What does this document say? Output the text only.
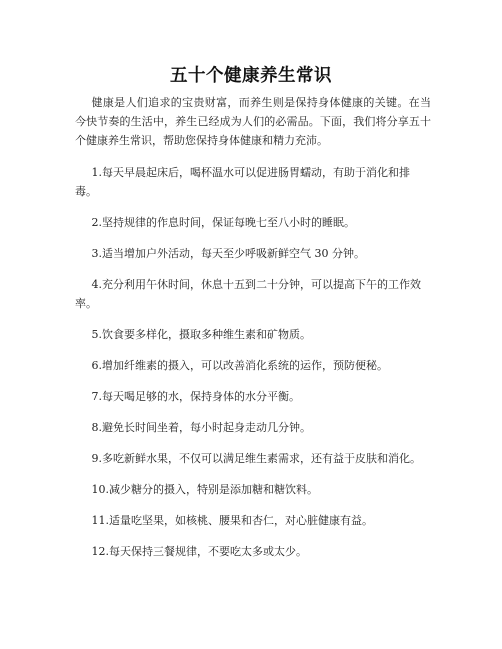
五十个健康养生常识

健康是人们追求的宝贵财富，而养生则是保持身体健康的关键。在当今快节奏的生活中，养生已经成为人们的必需品。下面，我们将分享五十个健康养生常识，帮助您保持身体健康和精力充沛。

1.每天早晨起床后，喝杯温水可以促进肠胃蠕动，有助于消化和排毒。

2.坚持规律的作息时间，保证每晚七至八小时的睡眠。

3.适当增加户外活动，每天至少呼吸新鲜空气 30 分钟。

4.充分利用午休时间，休息十五到二十分钟，可以提高下午的工作效率。

5.饮食要多样化，摄取多种维生素和矿物质。

6.增加纤维素的摄入，可以改善消化系统的运作，预防便秘。

7.每天喝足够的水，保持身体的水分平衡。

8.避免长时间坐着，每小时起身走动几分钟。

9.多吃新鲜水果，不仅可以满足维生素需求，还有益于皮肤和消化。

10.减少糖分的摄入，特别是添加糖和糖饮料。

11.适量吃坚果，如核桃、腰果和杏仁，对心脏健康有益。

12.每天保持三餐规律，不要吃太多或太少。
